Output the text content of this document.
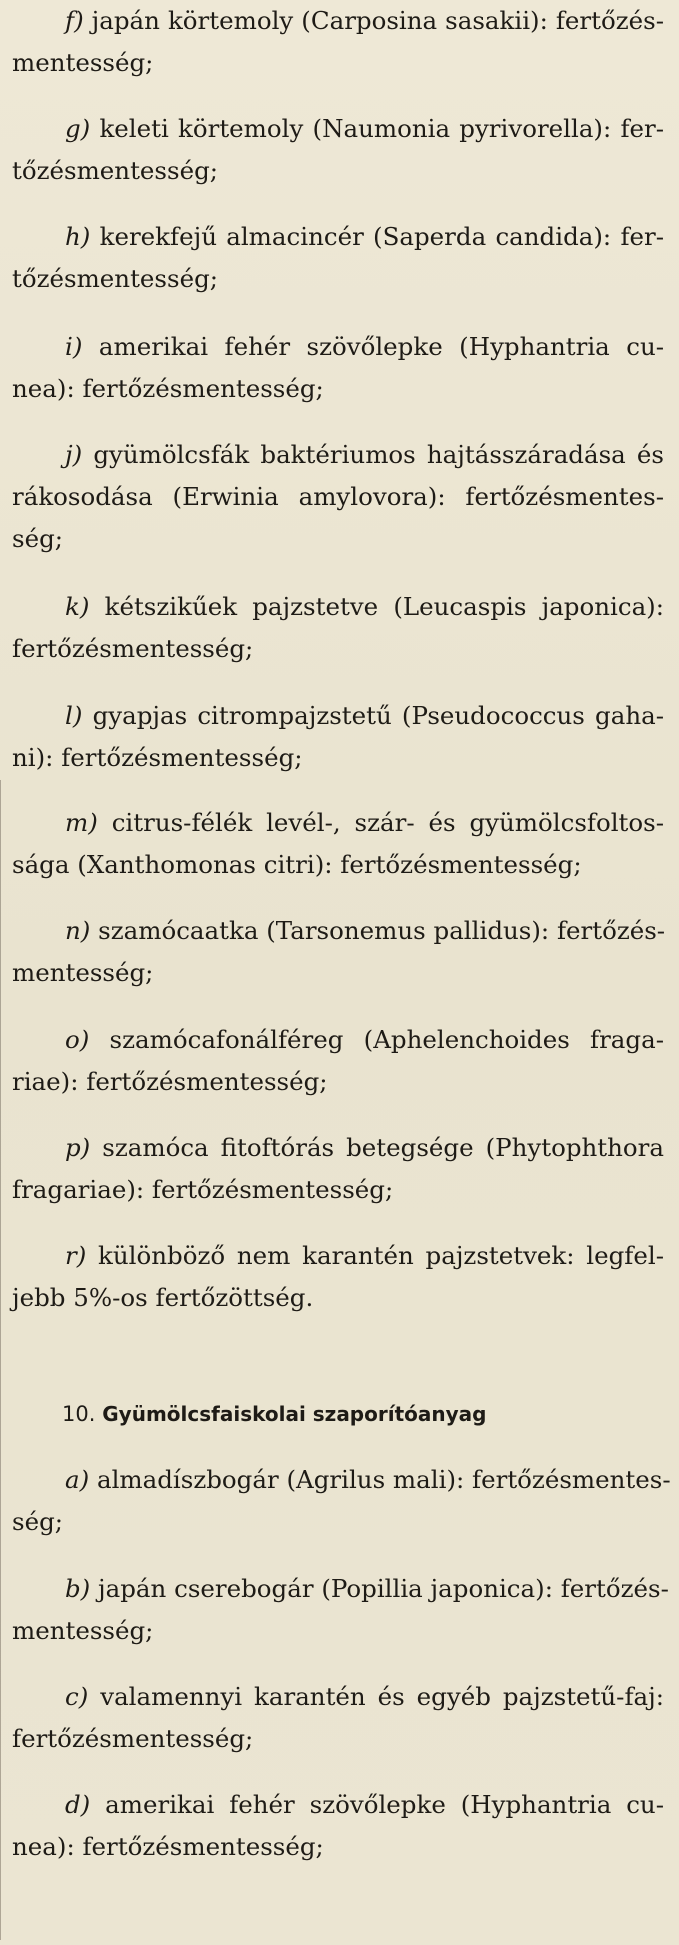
f) japán körtemoly (Carposina sasakii): fertőzés-
mentesség;
g) keleti körtemoly (Naumonia pyrivorella): fer-
tőzésmentesség;
h) kerekfejű almacincér (Saperda candida): fer-
tőzésmentesség;
i) amerikai fehér szövőlepke (Hyphantria cu-
nea): fertőzésmentesség;
j) gyümölcsfák baktériumos hajtásszáradása és
rákosodása (Erwinia amylovora): fertőzésmentes-
ség;
k) kétszikűek pajzstetve (Leucaspis japonica):
fertőzésmentesség;
l) gyapjas citrompajzstetű (Pseudococcus gaha-
ni): fertőzésmentesség;
m) citrus-félék levél-, szár- és gyümölcsfoltos-
sága (Xanthomonas citri): fertőzésmentesség;
n) szamócaatka (Tarsonemus pallidus): fertőzés-
mentesség;
o) szamócafonálféreg (Aphelenchoides fraga-
riae): fertőzésmentesség;
p) szamóca fitoftórás betegsége (Phytophthora
fragariae): fertőzésmentesség;
r) különböző nem karantén pajzstetvek: legfel-
jebb 5%-os fertőzöttség.
10. Gyümölcsfaiskolai szaporítóanyag
a) almadíszbogár (Agrilus mali): fertőzésmentes-
ség;
b) japán cserebogár (Popillia japonica): fertőzés-
mentesség;
c) valamennyi karantén és egyéb pajzstetű-faj:
fertőzésmentesség;
d) amerikai fehér szövőlepke (Hyphantria cu-
nea): fertőzésmentesség;
